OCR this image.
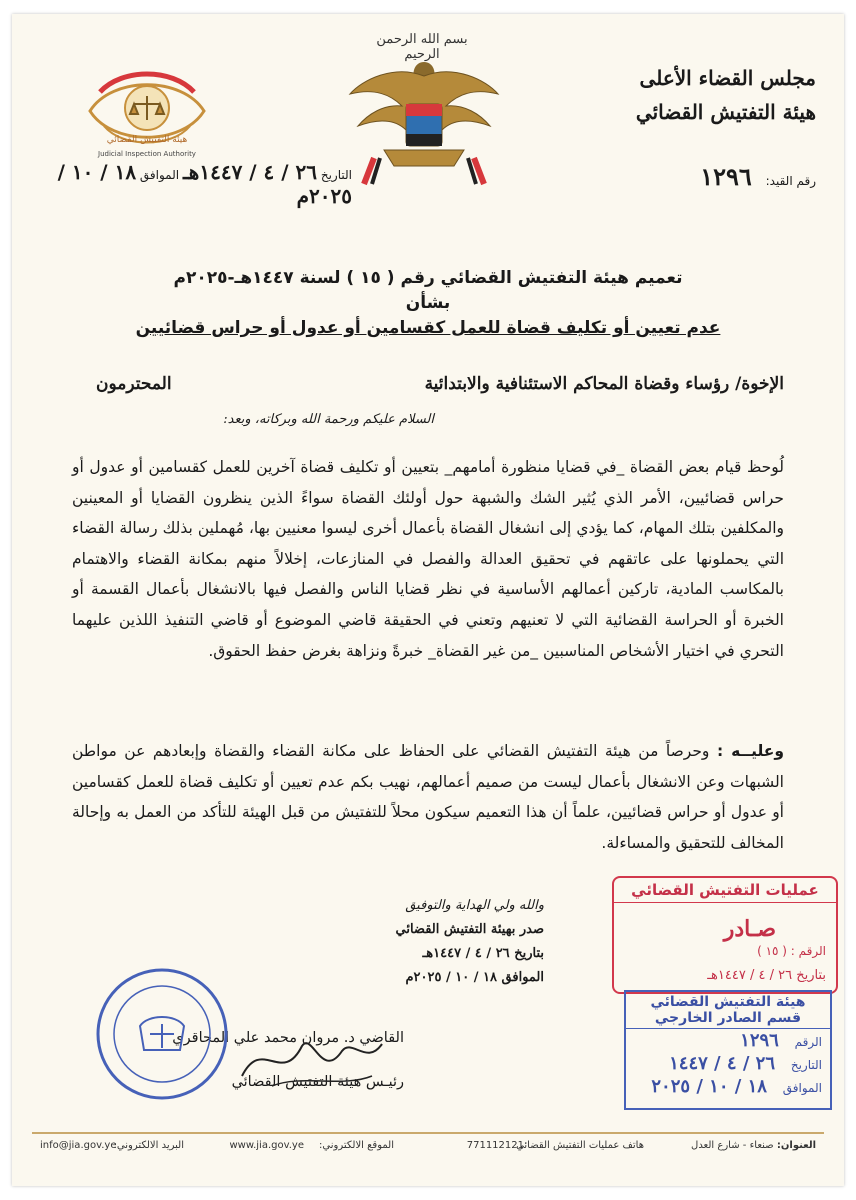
بسم الله الرحمن الرحيم
مجلس القضاء الأعلى
هيئة التفتيش القضائي
رقم القيد: ١٢٩٦
هيئة التفتيش القضائي
Judicial Inspection Authority
التاريخ ٢٦ / ٤ / ١٤٤٧هـ الموافق ١٨ / ١٠ / ٢٠٢٥م
تعميم هيئة التفتيش القضائي رقم ( ١٥ ) لسنة ١٤٤٧هـ-٢٠٢٥م
بشأن
عدم تعيين أو تكليف قضاة للعمل كقسامين أو عدول أو حراس قضائيين
الإخوة/ رؤساء وقضاة المحاكم الاستئنافية والابتدائية
المحترمون
السلام عليكم ورحمة الله وبركاته، وبعد:
لُوحظ قيام بعض القضاة _في قضايا منظورة أمامهم_ بتعيين أو تكليف قضاة آخرين للعمل كقسامين أو عدول أو حراس قضائيين، الأمر الذي يُثير الشك والشبهة حول أولئك القضاة سواءً الذين ينظرون القضايا أو المعينين والمكلفين بتلك المهام، كما يؤدي إلى انشغال القضاة بأعمال أخرى ليسوا معنيين بها، مُهملين بذلك رسالة القضاء التي يحملونها على عاتقهم في تحقيق العدالة والفصل في المنازعات، إخلالاً منهم بمكانة القضاء والاهتمام بالمكاسب المادية، تاركين أعمالهم الأساسية في نظر قضايا الناس والفصل فيها بالانشغال بأعمال القسمة أو الخبرة أو الحراسة القضائية التي لا تعنيهم وتعني في الحقيقة قاضي الموضوع أو قاضي التنفيذ اللذين عليهما التحري في اختيار الأشخاص المناسبين _من غير القضاة_ خبرةً ونزاهة بغرض حفظ الحقوق.
وعليــه : وحرصاً من هيئة التفتيش القضائي على الحفاظ على مكانة القضاء والقضاة وإبعادهم عن مواطن الشبهات وعن الانشغال بأعمال ليست من صميم أعمالهم، نهيب بكم عدم تعيين أو تكليف قضاة للعمل كقسامين أو عدول أو حراس قضائيين، علماً أن هذا التعميم سيكون محلاً للتفتيش من قبل الهيئة للتأكد من العمل به وإحالة المخالف للتحقيق والمساءلة.
والله ولي الهداية والتوفيق
صدر بهيئة التفتيش القضائي
بتاريخ ٢٦ / ٤ / ١٤٤٧هـ
الموافق ١٨ / ١٠ / ٢٠٢٥م
القاضي د. مروان محمد علي المحاقري
رئيـس هيئة التفتيش القضائي
عمليات التفتيش القضائي
صـادر
الرقم : ( ١٥ )
بتاريخ ٢٦ / ٤ / ١٤٤٧هـ
هيئة التفتيش القضائي
قسم الصادر الخارجي
الرقم ١٢٩٦
التاريخ ٢٦ / ٤ / ١٤٤٧
الموافق ١٨ / ١٠ / ٢٠٢٥
العنوان: صنعاء - شارع العدل
هاتف عمليات التفتيش القضائي
771112121
الموقع الالكتروني:
www.jia.gov.ye
البريد الالكتروني:
info@jia.gov.ye
